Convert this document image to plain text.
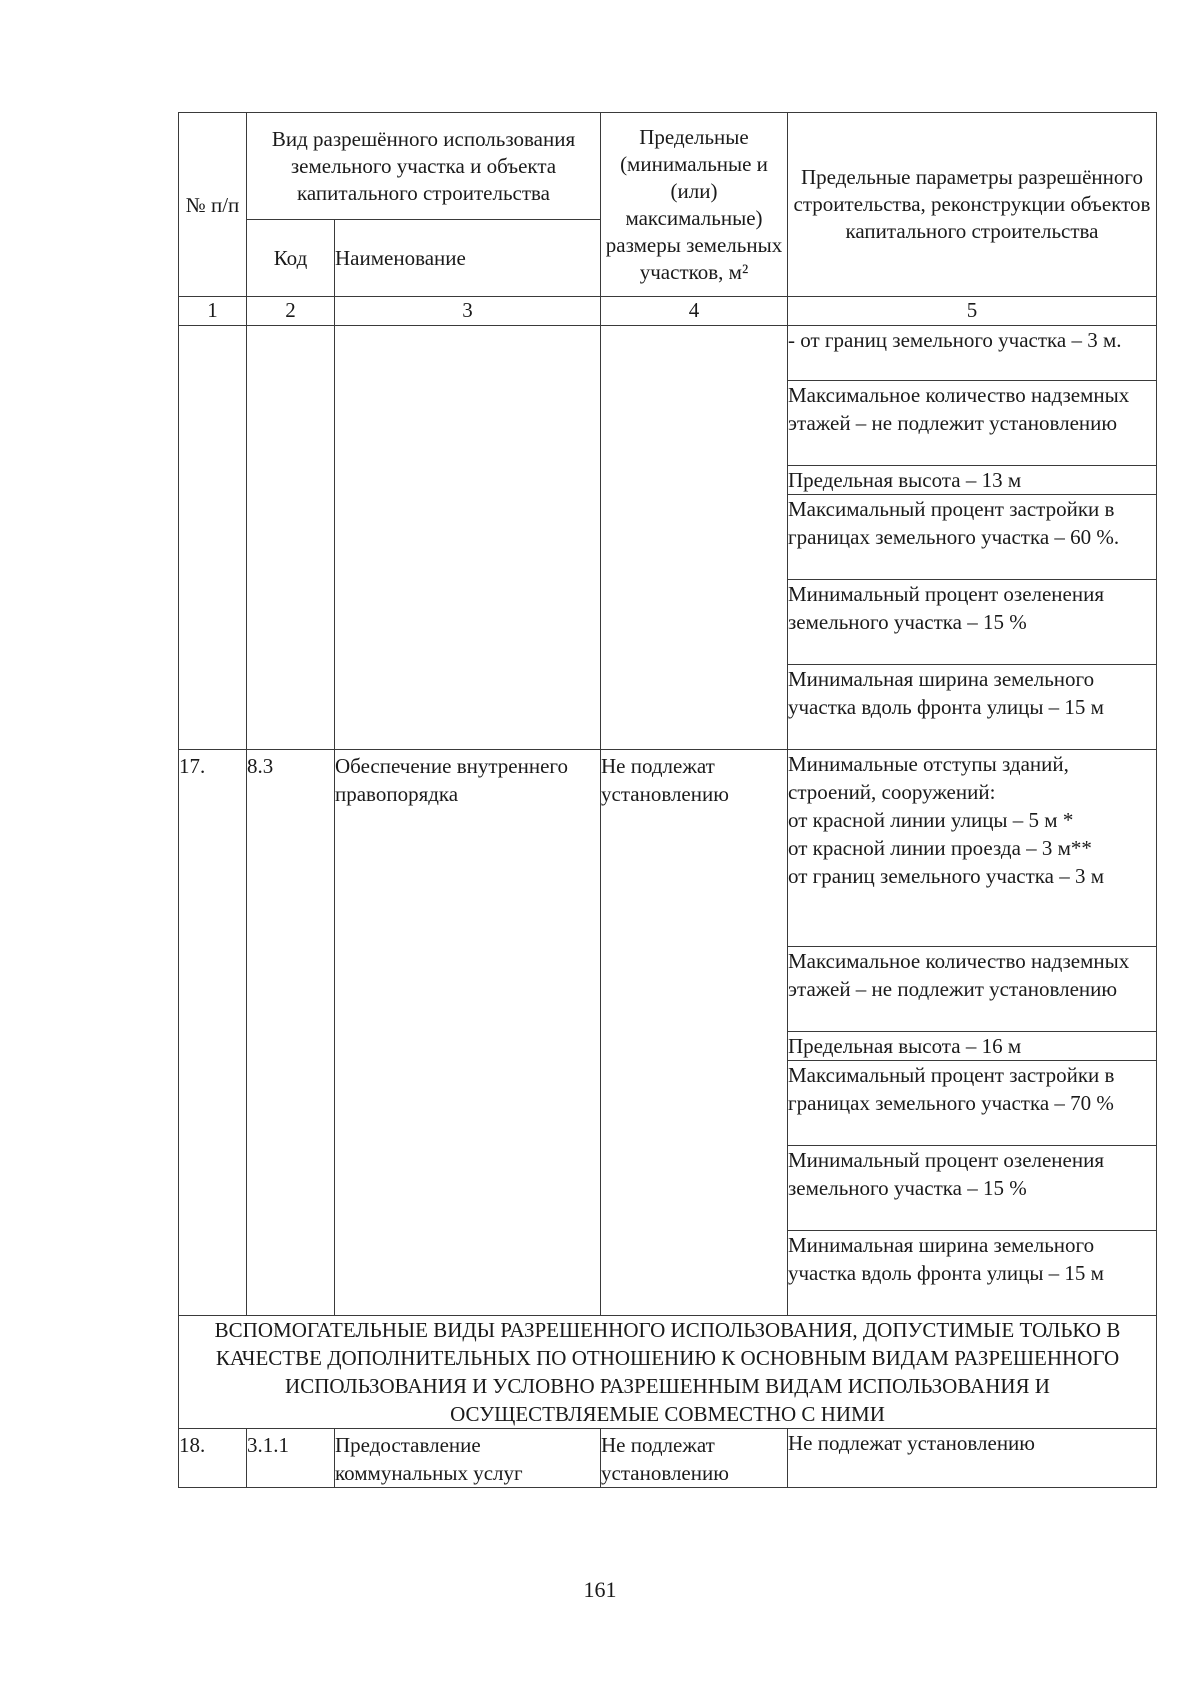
№ п/п	Вид разрешённого использования земельного участка и объекта капитального строительства		Предельные (минимальные и (или) максимальные) размеры земельных участков, м²	Предельные параметры разрешённого строительства, реконструкции объектов капитального строительства
	Код	Наименование		
1	2	3	4	5
				- от границ земельного участка – 3 м.
				Максимальное количество надземных этажей – не подлежит установлению
				Предельная высота – 13 м
				Максимальный процент застройки в границах земельного участка – 60 %.
				Минимальный процент озеленения земельного участка – 15 %
				Минимальная ширина земельного участка вдоль фронта улицы – 15 м
17.	8.3	Обеспечение внутреннего правопорядка	Не подлежат установлению	Минимальные отступы зданий, строений, сооружений:
от красной линии улицы – 5 м *
от красной линии проезда – 3 м**
от границ земельного участка – 3 м
				Максимальное количество надземных этажей – не подлежит установлению
				Предельная высота – 16 м
				Максимальный процент застройки в границах земельного участка – 70 %
				Минимальный процент озеленения земельного участка – 15 %
				Минимальная ширина земельного участка вдоль фронта улицы – 15 м
ВСПОМОГАТЕЛЬНЫЕ ВИДЫ РАЗРЕШЕННОГО ИСПОЛЬЗОВАНИЯ, ДОПУСТИМЫЕ ТОЛЬКО В КАЧЕСТВЕ ДОПОЛНИТЕЛЬНЫХ ПО ОТНОШЕНИЮ К ОСНОВНЫМ ВИДАМ РАЗРЕШЕННОГО ИСПОЛЬЗОВАНИЯ И УСЛОВНО РАЗРЕШЕННЫМ ВИДАМ ИСПОЛЬЗОВАНИЯ И ОСУЩЕСТВЛЯЕМЫЕ СОВМЕСТНО С НИМИ				
18.	3.1.1	Предоставление коммунальных услуг	Не подлежат установлению	Не подлежат установлению
161
